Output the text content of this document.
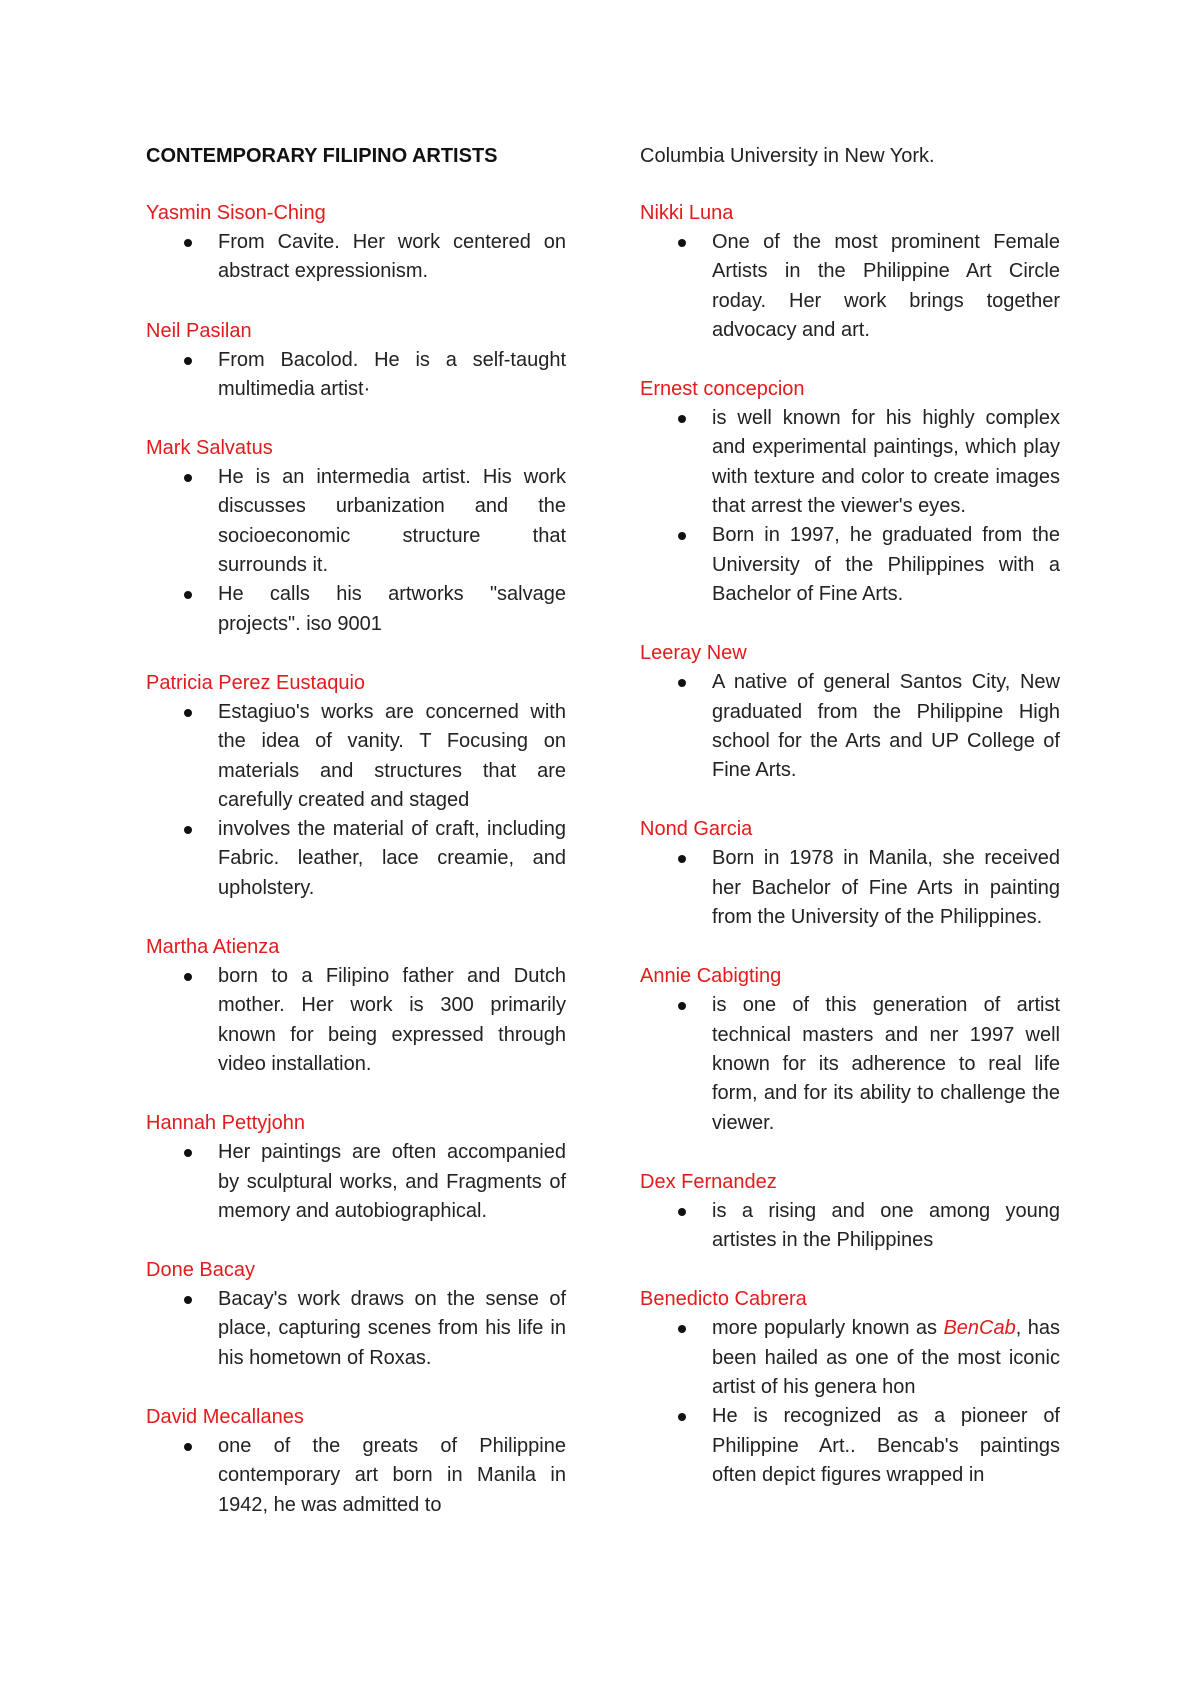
CONTEMPORARY FILIPINO ARTISTS
Yasmin Sison-Ching
From Cavite. Her work centered on abstract expressionism.
Neil Pasilan
From Bacolod. He is a self-taught multimedia artist·
Mark Salvatus
He is an intermedia artist. His work discusses urbanization and the socioeconomic structure that surrounds it.
He calls his artworks "salvage projects". iso 9001
Patricia Perez Eustaquio
Estagiuo's works are concerned with the idea of vanity. T Focusing on materials and structures that are carefully created and staged
involves the material of craft, including Fabric. leather, lace creamie, and upholstery.
Martha Atienza
born to a Filipino father and Dutch mother. Her work is 300 primarily known for being expressed through video installation.
Hannah Pettyjohn
Her paintings are often accompanied by sculptural works, and Fragments of memory and autobiographical.
Done Bacay
Bacay's work draws on the sense of place, capturing scenes from his life in his hometown of Roxas.
David Mecallanes
one of the greats of Philippine contemporary art born in Manila in 1942, he was admitted to
Columbia University in New York.
Nikki Luna
One of the most prominent Female Artists in the Philippine Art Circle roday. Her work brings together advocacy and art.
Ernest concepcion
is well known for his highly complex and experimental paintings, which play with texture and color to create images that arrest the viewer's eyes.
Born in 1997, he graduated from the University of the Philippines with a Bachelor of Fine Arts.
Leeray New
A native of general Santos City, New graduated from the Philippine High school for the Arts and UP College of Fine Arts.
Nond Garcia
Born in 1978 in Manila, she received her Bachelor of Fine Arts in painting from the University of the Philippines.
Annie Cabigting
is one of this generation of artist technical masters and ner 1997 well known for its adherence to real life form, and for its ability to challenge the viewer.
Dex Fernandez
is a rising and one among young artistes in the Philippines
Benedicto Cabrera
more popularly known as BenCab, has been hailed as one of the most iconic artist of his genera hon
He is recognized as a pioneer of Philippine Art.. Bencab's paintings often depict figures wrapped in
